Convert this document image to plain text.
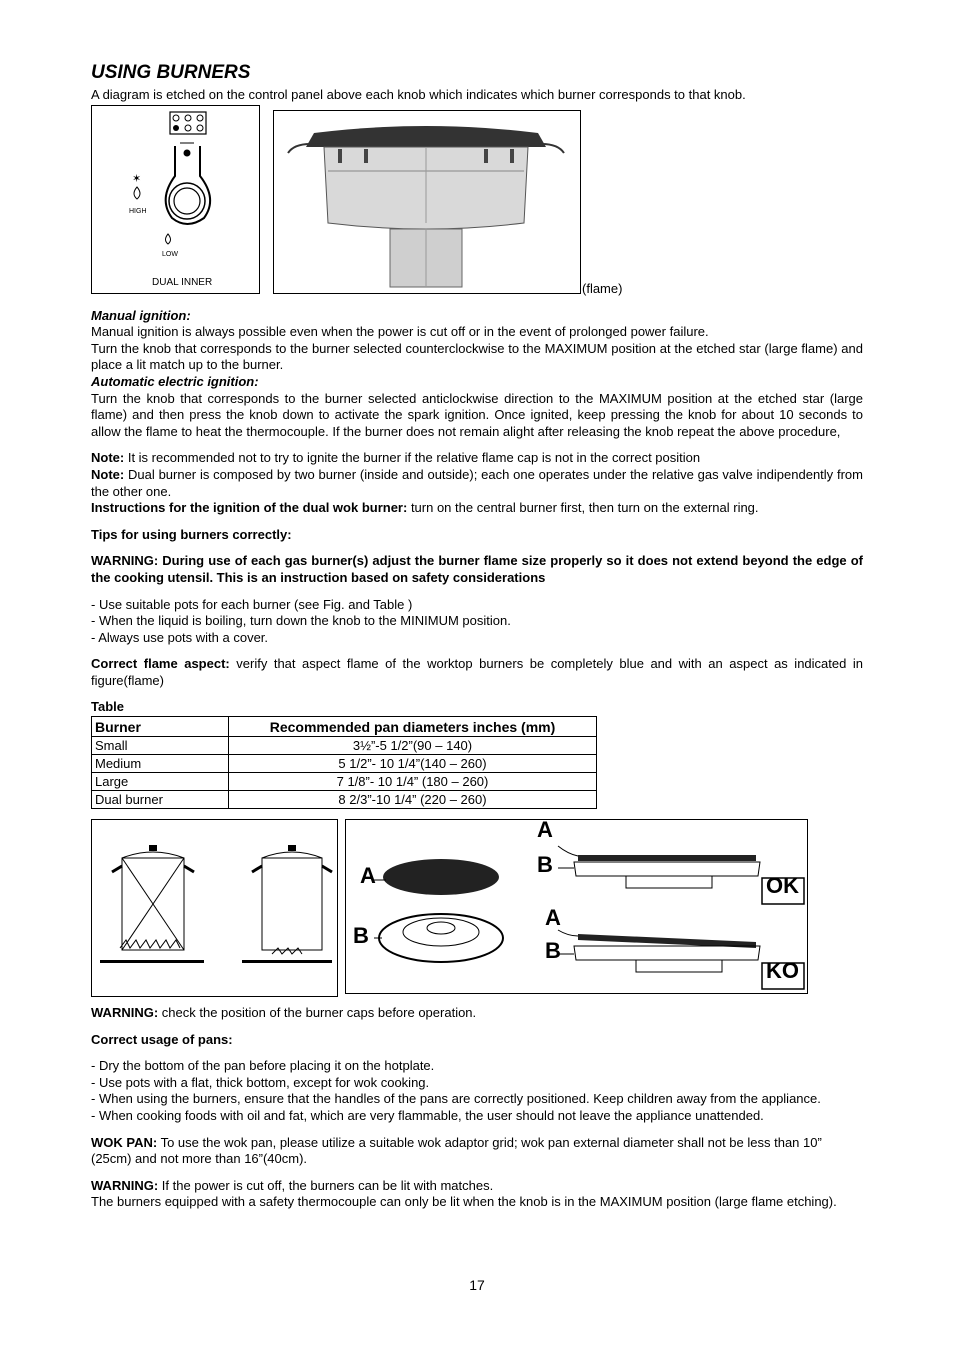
USING BURNERS

A diagram is etched on the control panel above each knob which indicates which burner corresponds to that knob.

✶
HIGH
LOW
DUAL INNER	(flame)

Manual ignition:

Manual ignition is always possible even when the power is cut off or in the event of prolonged power failure.

Turn the knob that corresponds to the burner selected counterclockwise to the MAXIMUM position at the etched star (large flame) and place a lit match up to the burner.

Automatic electric ignition:

Turn the knob that corresponds to the burner selected anticlockwise direction to the MAXIMUM position at the etched star (large flame) and then press the knob down to activate the spark ignition. Once ignited, keep pressing the knob for about 10 seconds to allow the flame to heat the thermocouple. If the burner does not remain alight after releasing the knob repeat the above procedure,

Note: It is recommended not to try to ignite the burner if the relative flame cap is not in the correct position

Note: Dual burner is composed by two burner (inside and outside); each one operates under the relative gas valve indipendently from the other one.

Instructions for the ignition of the dual wok burner: turn on the central burner first, then turn on the external ring.

Tips for using burners correctly:

WARNING: During use of each gas burner(s) adjust the burner flame size properly so it does not extend beyond the edge of the cooking utensil. This is an instruction based on safety considerations

- Use suitable pots for each burner (see Fig. and Table )

- When the liquid is boiling, turn down the knob to the MINIMUM position.

- Always use pots with a cover.

Correct flame aspect: verify that aspect flame of the worktop burners be completely blue and with an aspect as indicated in figure(flame)

Table

Burner	Recommended pan diameters inches (mm)
Small	3½”-5 1/2”(90 – 140)
Medium	5 1/2”- 10 1/4”(140 – 260)
Large	7 1/8”- 10 1/4” (180 – 260)
Dual burner	8 2/3”-10 1/4” (220 – 260)
A
B
A
B
A
B
OK
KO

WARNING: check the position of the burner caps before operation.

Correct usage of pans:

- Dry the bottom of the pan before placing it on the hotplate.

- Use pots with a flat, thick bottom, except for wok cooking.

- When using the burners, ensure that the handles of the pans are correctly positioned. Keep children away from the appliance.

- When cooking foods with oil and fat, which are very flammable, the user should not leave the appliance unattended.

WOK PAN: To use the wok pan, please utilize a suitable wok adaptor grid; wok pan external diameter shall not be less than 10” (25cm) and not more than 16”(40cm).

WARNING: If the power is cut off, the burners can be lit with matches.

The burners equipped with a safety thermocouple can only be lit when the knob is in the MAXIMUM position (large flame etching).

17
